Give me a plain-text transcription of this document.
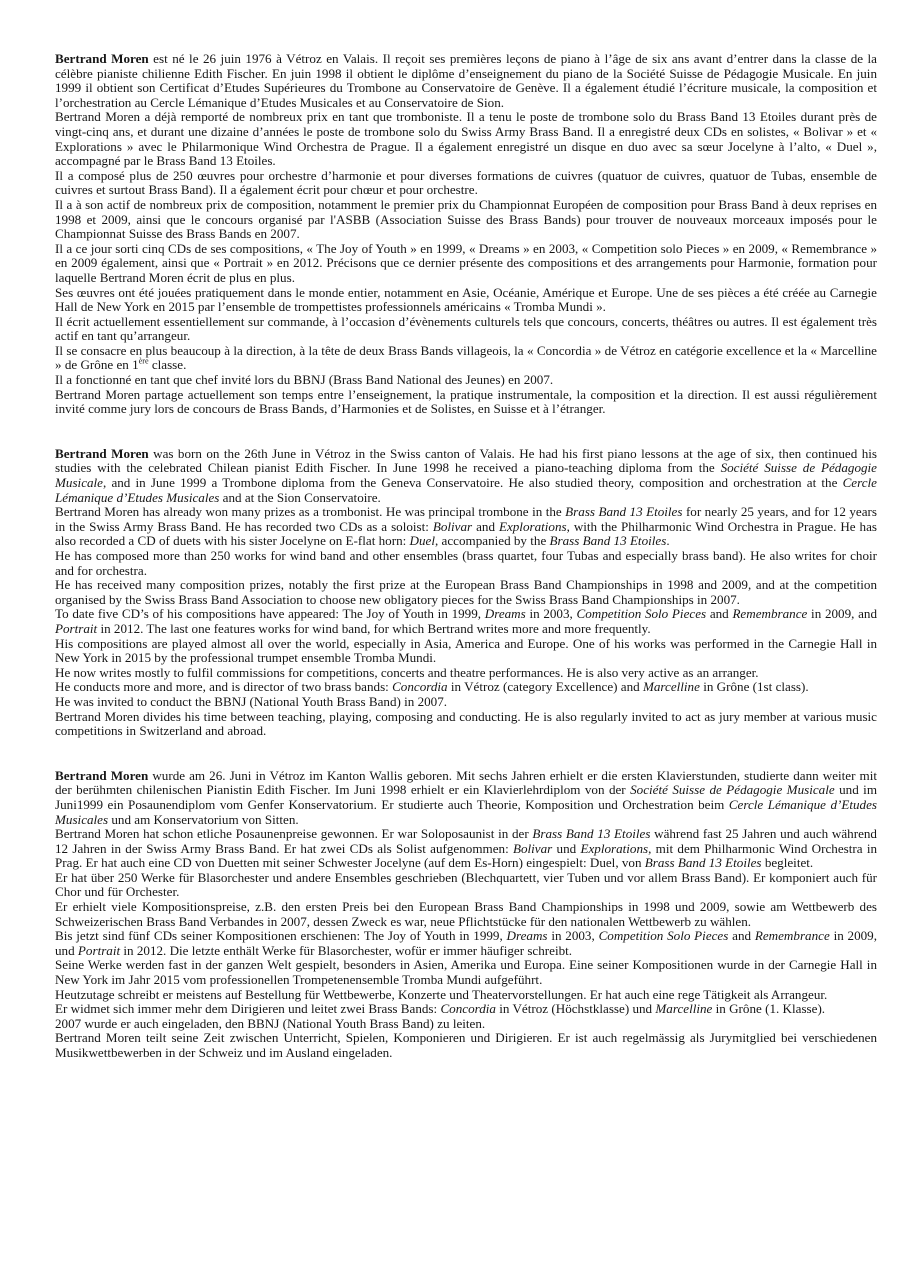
Bertrand Moren est né le 26 juin 1976 à Vétroz en Valais. Il reçoit ses premières leçons de piano à l’âge de six ans avant d’entrer dans la classe de la célèbre pianiste chilienne Edith Fischer. En juin 1998 il obtient le diplôme d’enseignement du piano de la Société Suisse de Pédagogie Musicale. En juin 1999 il obtient son Certificat d’Etudes Supérieures du Trombone au Conservatoire de Genève. Il a également étudié l’écriture musicale, la composition et l’orchestration au Cercle Lémanique d’Etudes Musicales et au Conservatoire de Sion.

Bertrand Moren a déjà remporté de nombreux prix en tant que tromboniste. Il a tenu le poste de trombone solo du Brass Band 13 Etoiles durant près de vingt-cinq ans, et durant une dizaine d’années le poste de trombone solo du Swiss Army Brass Band. Il a enregistré deux CDs en solistes, « Bolivar » et « Explorations » avec le Philarmonique Wind Orchestra de Prague. Il a également enregistré un disque en duo avec sa sœur Jocelyne à l’alto, « Duel », accompagné par le Brass Band 13 Etoiles.

Il a composé plus de 250 œuvres pour orchestre d’harmonie et pour diverses formations de cuivres (quatuor de cuivres, quatuor de Tubas, ensemble de cuivres et surtout Brass Band). Il a également écrit pour chœur et pour orchestre.

Il a à son actif de nombreux prix de composition, notamment le premier prix du Championnat Européen de composition pour Brass Band à deux reprises en 1998 et 2009, ainsi que le concours organisé par l'ASBB (Association Suisse des Brass Bands) pour trouver de nouveaux morceaux imposés pour le Championnat Suisse des Brass Bands en 2007.

Il a ce jour sorti cinq CDs de ses compositions, « The Joy of Youth » en 1999, « Dreams » en 2003, « Competition solo Pieces » en 2009, « Remembrance » en 2009 également, ainsi que « Portrait » en 2012. Précisons que ce dernier présente des compositions et des arrangements pour Harmonie, formation pour laquelle Bertrand Moren écrit de plus en plus.

Ses œuvres ont été jouées pratiquement dans le monde entier, notamment en Asie, Océanie, Amérique et Europe. Une de ses pièces a été créée au Carnegie Hall de New York en 2015 par l’ensemble de trompettistes professionnels américains « Tromba Mundi ».

Il écrit actuellement essentiellement sur commande, à l’occasion d’évènements culturels tels que concours, concerts, théâtres ou autres. Il est également très actif en tant qu’arrangeur.

Il se consacre en plus beaucoup à la direction, à la tête de deux Brass Bands villageois, la « Concordia » de Vétroz en catégorie excellence et la « Marcelline » de Grône en 1ère classe.

Il a fonctionné en tant que chef invité lors du BBNJ (Brass Band National des Jeunes) en 2007.

Bertrand Moren partage actuellement son temps entre l’enseignement, la pratique instrumentale, la composition et la direction. Il est aussi régulièrement invité comme jury lors de concours de Brass Bands, d’Harmonies et de Solistes, en Suisse et à l’étranger.

Bertrand Moren was born on the 26th June in Vétroz in the Swiss canton of Valais. He had his first piano lessons at the age of six, then continued his studies with the celebrated Chilean pianist Edith Fischer. In June 1998 he received a piano-teaching diploma from the Société Suisse de Pédagogie Musicale, and in June 1999 a Trombone diploma from the Geneva Conservatoire. He also studied theory, composition and orchestration at the Cercle Lémanique d’Etudes Musicales and at the Sion Conservatoire.

Bertrand Moren has already won many prizes as a trombonist. He was principal trombone in the Brass Band 13 Etoiles for nearly 25 years, and for 12 years in the Swiss Army Brass Band. He has recorded two CDs as a soloist: Bolivar and Explorations, with the Philharmonic Wind Orchestra in Prague. He has also recorded a CD of duets with his sister Jocelyne on E-flat horn: Duel, accompanied by the Brass Band 13 Etoiles.

He has composed more than 250 works for wind band and other ensembles (brass quartet, four Tubas and especially brass band). He also writes for choir and for orchestra.

He has received many composition prizes, notably the first prize at the European Brass Band Championships in 1998 and 2009, and at the competition organised by the Swiss Brass Band Association to choose new obligatory pieces for the Swiss Brass Band Championships in 2007.

To date five CD’s of his compositions have appeared: The Joy of Youth in 1999, Dreams in 2003, Competition Solo Pieces and Remembrance in 2009, and Portrait in 2012. The last one features works for wind band, for which Bertrand writes more and more frequently.

His compositions are played almost all over the world, especially in Asia, America and Europe. One of his works was performed in the Carnegie Hall in New York in 2015 by the professional trumpet ensemble Tromba Mundi.

He now writes mostly to fulfil commissions for competitions, concerts and theatre performances. He is also very active as an arranger.

He conducts more and more, and is director of two brass bands: Concordia in Vétroz (category Excellence) and Marcelline in Grône (1st class).

He was invited to conduct the BBNJ (National Youth Brass Band) in 2007.

Bertrand Moren divides his time between teaching, playing, composing and conducting. He is also regularly invited to act as jury member at various music competitions in Switzerland and abroad.

Bertrand Moren wurde am 26. Juni in Vétroz im Kanton Wallis geboren. Mit sechs Jahren erhielt er die ersten Klavierstunden, studierte dann weiter mit der berühmten chilenischen Pianistin Edith Fischer. Im Juni 1998 erhielt er ein Klavierlehrdiplom von der Société Suisse de Pédagogie Musicale und im Juni1999 ein Posaunendiplom vom Genfer Konservatorium. Er studierte auch Theorie, Komposition und Orchestration beim Cercle Lémanique d’Etudes Musicales und am Konservatorium von Sitten.

Bertrand Moren hat schon etliche Posaunenpreise gewonnen. Er war Soloposaunist in der Brass Band 13 Etoiles während fast 25 Jahren und auch während 12 Jahren in der Swiss Army Brass Band. Er hat zwei CDs als Solist aufgenommen: Bolivar und Explorations, mit dem Philharmonic Wind Orchestra in Prag. Er hat auch eine CD von Duetten mit seiner Schwester Jocelyne (auf dem Es-Horn) eingespielt: Duel, von Brass Band 13 Etoiles begleitet.

Er hat über 250 Werke für Blasorchester und andere Ensembles geschrieben (Blechquartett, vier Tuben und vor allem Brass Band). Er komponiert auch für Chor und für Orchester.

Er erhielt viele Kompositionspreise, z.B. den ersten Preis bei den European Brass Band Championships in 1998 und 2009, sowie am Wettbewerb des Schweizerischen Brass Band Verbandes in 2007, dessen Zweck es war, neue Pflichtstücke für den nationalen Wettbewerb zu wählen.

Bis jetzt sind fünf CDs seiner Kompositionen erschienen: The Joy of Youth in 1999, Dreams in 2003, Competition Solo Pieces and Remembrance in 2009, und Portrait in 2012. Die letzte enthält Werke für Blasorchester, wofür er immer häufiger schreibt.

Seine Werke werden fast in der ganzen Welt gespielt, besonders in Asien, Amerika und Europa. Eine seiner Kompositionen wurde in der Carnegie Hall in New York im Jahr 2015 vom professionellen Trompetenensemble Tromba Mundi aufgeführt.

Heutzutage schreibt er meistens auf Bestellung für Wettbewerbe, Konzerte und Theatervorstellungen. Er hat auch eine rege Tätigkeit als Arrangeur.

Er widmet sich immer mehr dem Dirigieren und leitet zwei Brass Bands: Concordia in Vétroz (Höchstklasse) und Marcelline in Grône (1. Klasse).

2007 wurde er auch eingeladen, den BBNJ (National Youth Brass Band) zu leiten.

Bertrand Moren teilt seine Zeit zwischen Unterricht, Spielen, Komponieren und Dirigieren. Er ist auch regelmässig als Jurymitglied bei verschiedenen Musikwettbewerben in der Schweiz und im Ausland eingeladen.
